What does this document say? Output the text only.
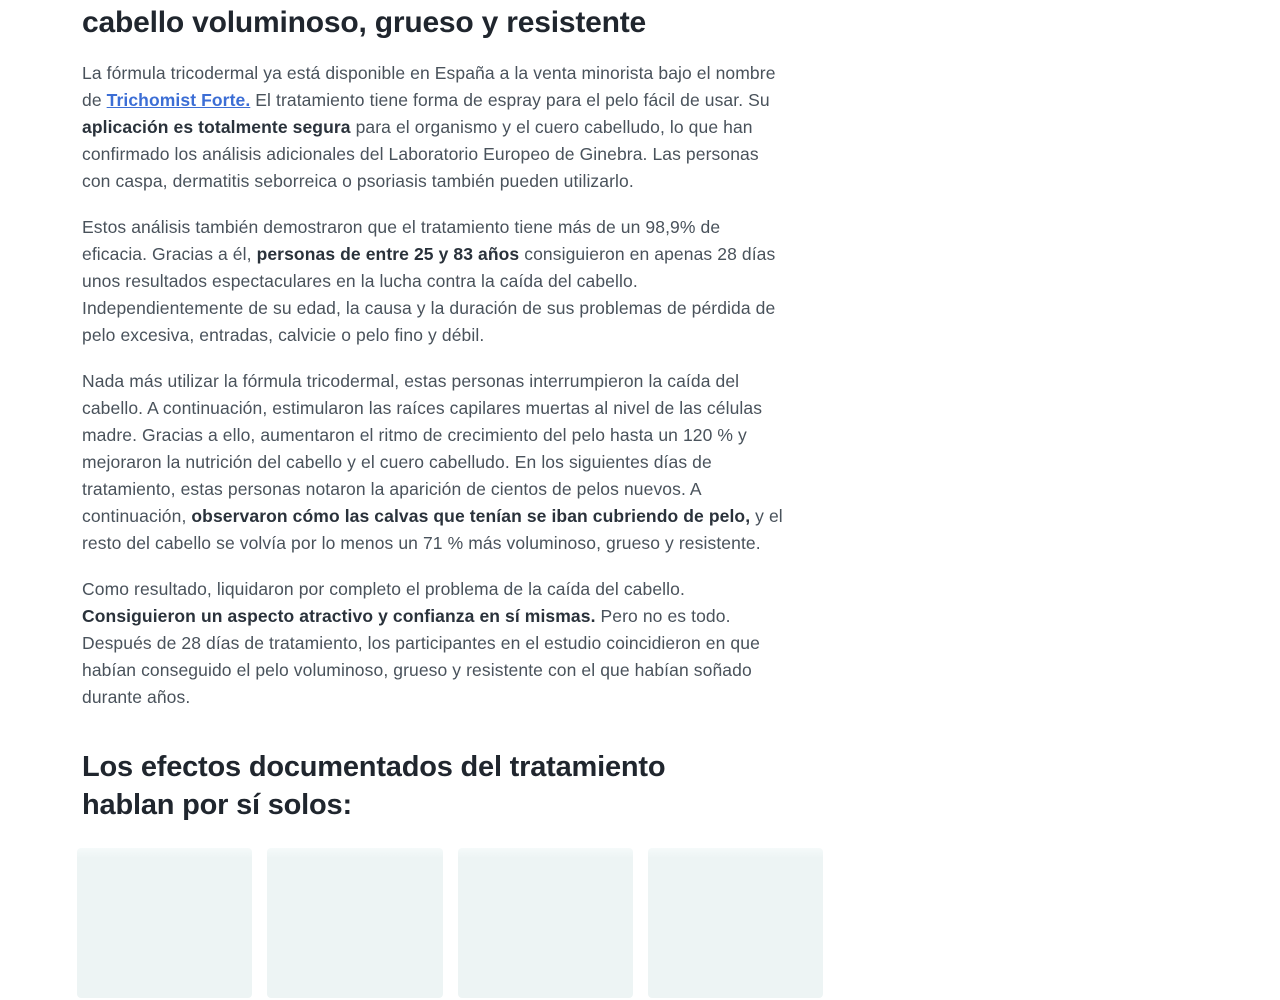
cabello voluminoso, grueso y resistente

La fórmula tricodermal ya está disponible en España a la venta minorista bajo el nombre de Trichomist Forte. El tratamiento tiene forma de espray para el pelo fácil de usar. Su aplicación es totalmente segura para el organismo y el cuero cabelludo, lo que han confirmado los análisis adicionales del Laboratorio Europeo de Ginebra. Las personas con caspa, dermatitis seborreica o psoriasis también pueden utilizarlo.

Estos análisis también demostraron que el tratamiento tiene más de un 98,9% de eficacia. Gracias a él, personas de entre 25 y 83 años consiguieron en apenas 28 días unos resultados espectaculares en la lucha contra la caída del cabello. Independientemente de su edad, la causa y la duración de sus problemas de pérdida de pelo excesiva, entradas, calvicie o pelo fino y débil.

Nada más utilizar la fórmula tricodermal, estas personas interrumpieron la caída del cabello. A continuación, estimularon las raíces capilares muertas al nivel de las células madre. Gracias a ello, aumentaron el ritmo de crecimiento del pelo hasta un 120 % y mejoraron la nutrición del cabello y el cuero cabelludo. En los siguientes días de tratamiento, estas personas notaron la aparición de cientos de pelos nuevos. A continuación, observaron cómo las calvas que tenían se iban cubriendo de pelo, y el resto del cabello se volvía por lo menos un 71 % más voluminoso, grueso y resistente.

Como resultado, liquidaron por completo el problema de la caída del cabello. Consiguieron un aspecto atractivo y confianza en sí mismas. Pero no es todo. Después de 28 días de tratamiento, los participantes en el estudio coincidieron en que habían conseguido el pelo voluminoso, grueso y resistente con el que habían soñado durante años.

Los efectos documentados del tratamiento
hablan por sí solos:
